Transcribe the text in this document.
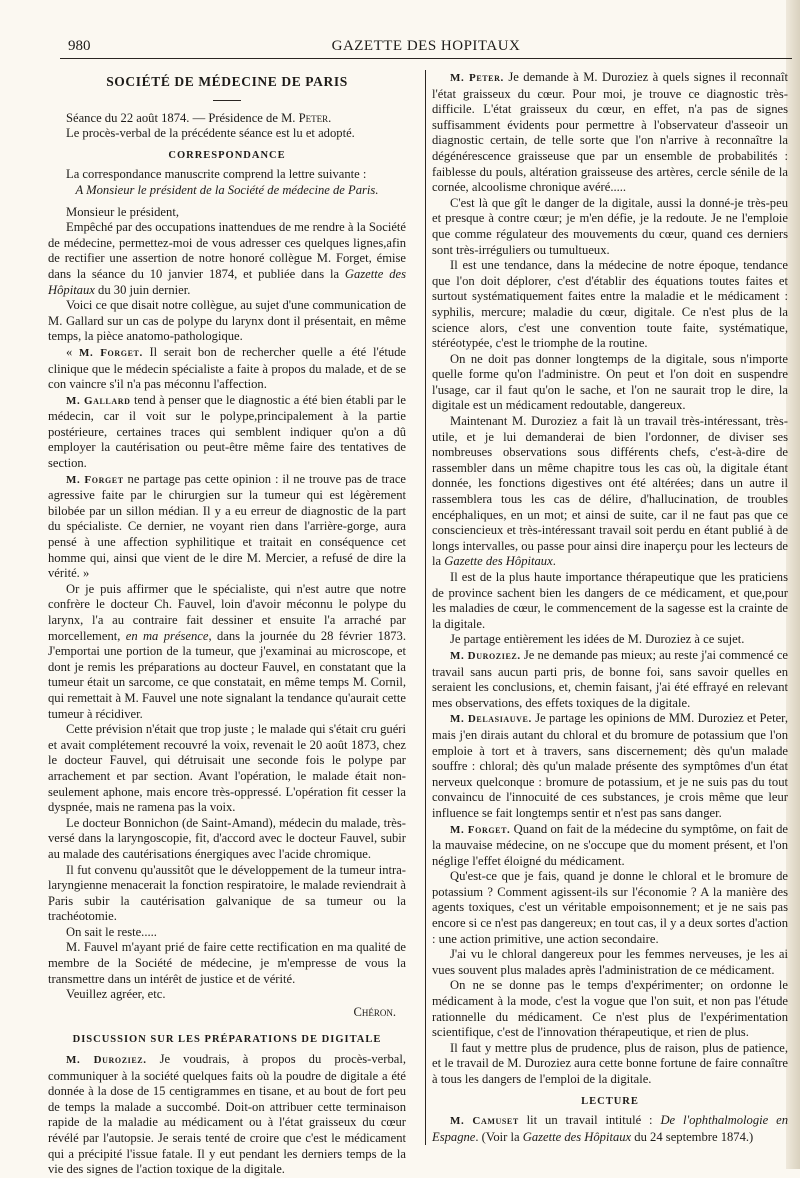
980	GAZETTE DES HOPITAUX
SOCIÉTÉ DE MÉDECINE DE PARIS

Séance du 22 août 1874. — Présidence de M. Peter.

Le procès-verbal de la précédente séance est lu et adopté.

CORRESPONDANCE

La correspondance manuscrite comprend la lettre suivante :

A Monsieur le président de la Société de médecine de Paris.

Monsieur le président,

Empêché par des occupations inattendues de me rendre à la Société de médecine, permettez-moi de vous adresser ces quelques lignes,afin de rectifier une assertion de notre honoré collègue M. Forget, émise dans la séance du 10 janvier 1874, et publiée dans la Gazette des Hôpitaux du 30 juin dernier.

Voici ce que disait notre collègue, au sujet d'une communication de M. Gallard sur un cas de polype du larynx dont il présentait, en même temps, la pièce anatomo-pathologique.

« M. Forget. Il serait bon de rechercher quelle a été l'étude clinique que le médecin spécialiste a faite à propos du malade, et de se con vaincre s'il n'a pas méconnu l'affection.

M. Gallard tend à penser que le diagnostic a été bien établi par le médecin, car il voit sur le polype,principalement à la partie postérieure, certaines traces qui semblent indiquer qu'on a dû employer la cautérisation ou peut-être même faire des tentatives de section.

M. Forget ne partage pas cette opinion : il ne trouve pas de trace agressive faite par le chirurgien sur la tumeur qui est légèrement bilobée par un sillon médian. Il y a eu erreur de diagnostic de la part du spécialiste. Ce dernier, ne voyant rien dans l'arrière-gorge, aura pensé à une affection syphilitique et traitait en conséquence cet homme qui, ainsi que vient de le dire M. Mercier, a refusé de dire la vérité. »

Or je puis affirmer que le spécialiste, qui n'est autre que notre confrère le docteur Ch. Fauvel, loin d'avoir méconnu le polype du larynx, l'a au contraire fait dessiner et ensuite l'a arraché par morcellement, en ma présence, dans la journée du 28 février 1873. J'emportai une portion de la tumeur, que j'examinai au microscope, et dont je remis les préparations au docteur Fauvel, en constatant que la tumeur était un sarcome, ce que constatait, en même temps M. Cornil, qui remettait à M. Fauvel une note signalant la tendance qu'aurait cette tumeur à récidiver.

Cette prévision n'était que trop juste ; le malade qui s'était cru guéri et avait complétement recouvré la voix, revenait le 20 août 1873, chez le docteur Fauvel, qui détruisait une seconde fois le polype par arrachement et par section. Avant l'opération, le malade était non-seulement aphone, mais encore très-oppressé. L'opération fit cesser la dyspnée, mais ne ramena pas la voix.

Le docteur Bonnichon (de Saint-Amand), médecin du malade, très-versé dans la laryngoscopie, fit, d'accord avec le docteur Fauvel, subir au malade des cautérisations énergiques avec l'acide chromique.

Il fut convenu qu'aussitôt que le développement de la tumeur intra-laryngienne menacerait la fonction respiratoire, le malade reviendrait à Paris subir la cautérisation galvanique de sa tumeur ou la trachéotomie.

On sait le reste.....

M. Fauvel m'ayant prié de faire cette rectification en ma qualité de membre de la Société de médecine, je m'empresse de vous la transmettre dans un intérêt de justice et de vérité.

Veuillez agréer, etc.

Chéron.
DISCUSSION SUR LES PRÉPARATIONS DE DIGITALE

M. Duroziez. Je voudrais, à propos du procès-verbal, communiquer à la société quelques faits où la poudre de digitale a été donnée à la dose de 15 centigrammes en tisane, et au bout de fort peu de temps la malade a succombé. Doit-on attribuer cette terminaison rapide de la maladie au médicament ou à l'état graisseux du cœur révélé par l'autopsie. Je serais tenté de croire que c'est le médicament qui a précipité l'issue fatale. Il y eut pendant les derniers temps de la vie des signes de l'action toxique de la digitale.

M. Peter. Je demande à M. Duroziez à quels signes il reconnaît l'état graisseux du cœur. Pour moi, je trouve ce diagnostic très-difficile. L'état graisseux du cœur, en effet, n'a pas de signes suffisamment évidents pour permettre à l'observateur d'asseoir un diagnostic certain, de telle sorte que l'on n'arrive à reconnaître la dégénérescence graisseuse que par un ensemble de probabilités : faiblesse du pouls, altération graisseuse des artères, cercle sénile de la cornée, alcoolisme chronique avéré.....

C'est là que gît le danger de la digitale, aussi la donné-je très-peu et presque à contre cœur; je m'en défie, je la redoute. Je ne l'emploie que comme régulateur des mouvements du cœur, quand ces derniers sont très-irréguliers ou tumultueux.

Il est une tendance, dans la médecine de notre époque, tendance que l'on doit déplorer, c'est d'établir des équations toutes faites et surtout systématiquement faites entre la maladie et le médicament : syphilis, mercure; maladie du cœur, digitale. Ce n'est plus de la science alors, c'est une convention toute faite, systématique, stéréotypée, c'est le triomphe de la routine.

On ne doit pas donner longtemps de la digitale, sous n'importe quelle forme qu'on l'administre. On peut et l'on doit en suspendre l'usage, car il faut qu'on le sache, et l'on ne saurait trop le dire, la digitale est un médicament redoutable, dangereux.

Maintenant M. Duroziez a fait là un travail très-intéressant, très-utile, et je lui demanderai de bien l'ordonner, de diviser ses nombreuses observations sous différents chefs, c'est-à-dire de rassembler dans un même chapitre tous les cas où, la digitale étant donnée, les fonctions digestives ont été altérées; dans un autre il rassemblera tous les cas de délire, d'hallucination, de troubles encéphaliques, en un mot; et ainsi de suite, car il ne faut pas que ce consciencieux et très-intéressant travail soit perdu en étant publié à de longs intervalles, ou passe pour ainsi dire inaperçu pour les lecteurs de la Gazette des Hôpitaux.

Il est de la plus haute importance thérapeutique que les praticiens de province sachent bien les dangers de ce médicament, et que,pour les maladies de cœur, le commencement de la sagesse est la crainte de la digitale.

Je partage entièrement les idées de M. Duroziez à ce sujet.

M. Duroziez. Je ne demande pas mieux; au reste j'ai commencé ce travail sans aucun parti pris, de bonne foi, sans savoir quelles en seraient les conclusions, et, chemin faisant, j'ai été effrayé en relevant mes observations, des effets toxiques de la digitale.

M. Delasiauve. Je partage les opinions de MM. Duroziez et Peter, mais j'en dirais autant du chloral et du bromure de potassium que l'on emploie à tort et à travers, sans discernement; dès qu'un malade souffre : chloral; dès qu'un malade présente des symptômes d'un état nerveux quelconque : bromure de potassium, et je ne suis pas du tout convaincu de l'innocuité de ces substances, je crois même que leur influence se fait longtemps sentir et n'est pas sans danger.

M. Forget. Quand on fait de la médecine du symptôme, on fait de la mauvaise médecine, on ne s'occupe que du moment présent, et l'on néglige l'effet éloigné du médicament.

Qu'est-ce que je fais, quand je donne le chloral et le bromure de potassium ? Comment agissent-ils sur l'économie ? A la manière des agents toxiques, c'est un véritable empoisonnement; et je ne sais pas encore si ce n'est pas dangereux; en tout cas, il y a deux sortes d'action : une action primitive, une action secondaire.

J'ai vu le chloral dangereux pour les femmes nerveuses, je les ai vues souvent plus malades après l'administration de ce médicament.

On ne se donne pas le temps d'expérimenter; on ordonne le médicament à la mode, c'est la vogue que l'on suit, et non pas l'étude rationnelle du médicament. Ce n'est plus de l'expérimentation scientifique, c'est de l'innovation thérapeutique, et rien de plus.

Il faut y mettre plus de prudence, plus de raison, plus de patience, et le travail de M. Duroziez aura cette bonne fortune de faire connaître à tous les dangers de l'emploi de la digitale.

LECTURE

M. Camuset lit un travail intitulé : De l'ophthalmologie en Espagne. (Voir la Gazette des Hôpitaux du 24 septembre 1874.)
